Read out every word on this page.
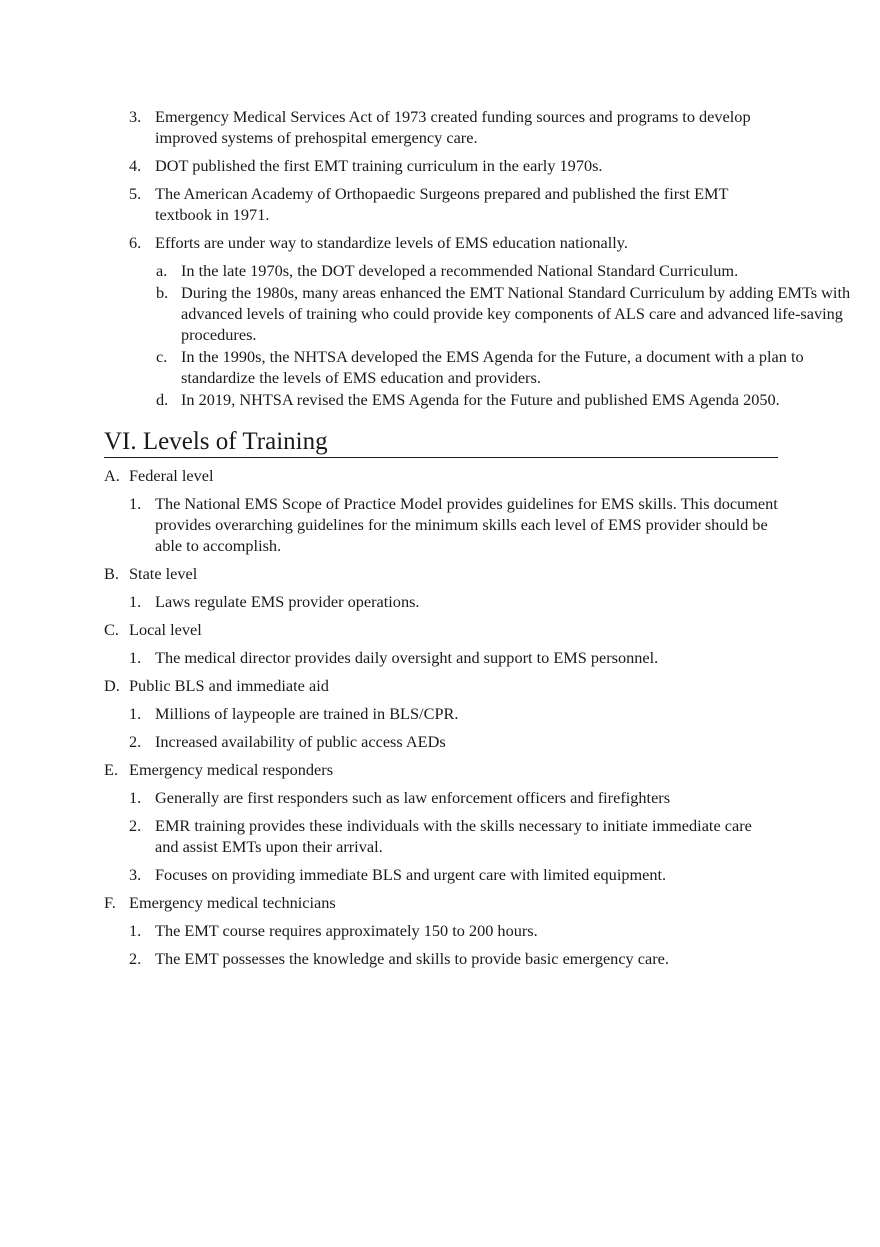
3. Emergency Medical Services Act of 1973 created funding sources and programs to develop improved systems of prehospital emergency care.
4. DOT published the first EMT training curriculum in the early 1970s.
5. The American Academy of Orthopaedic Surgeons prepared and published the first EMT textbook in 1971.
6. Efforts are under way to standardize levels of EMS education nationally.
a. In the late 1970s, the DOT developed a recommended National Standard Curriculum.
b. During the 1980s, many areas enhanced the EMT National Standard Curriculum by adding EMTs with advanced levels of training who could provide key components of ALS care and advanced life-saving procedures.
c. In the 1990s, the NHTSA developed the EMS Agenda for the Future, a document with a plan to standardize the levels of EMS education and providers.
d. In 2019, NHTSA revised the EMS Agenda for the Future and published EMS Agenda 2050.
VI. Levels of Training
A. Federal level
1. The National EMS Scope of Practice Model provides guidelines for EMS skills. This document provides overarching guidelines for the minimum skills each level of EMS provider should be able to accomplish.
B. State level
1. Laws regulate EMS provider operations.
C. Local level
1. The medical director provides daily oversight and support to EMS personnel.
D. Public BLS and immediate aid
1. Millions of laypeople are trained in BLS/CPR.
2. Increased availability of public access AEDs
E. Emergency medical responders
1. Generally are first responders such as law enforcement officers and firefighters
2. EMR training provides these individuals with the skills necessary to initiate immediate care and assist EMTs upon their arrival.
3. Focuses on providing immediate BLS and urgent care with limited equipment.
F. Emergency medical technicians
1. The EMT course requires approximately 150 to 200 hours.
2. The EMT possesses the knowledge and skills to provide basic emergency care.
